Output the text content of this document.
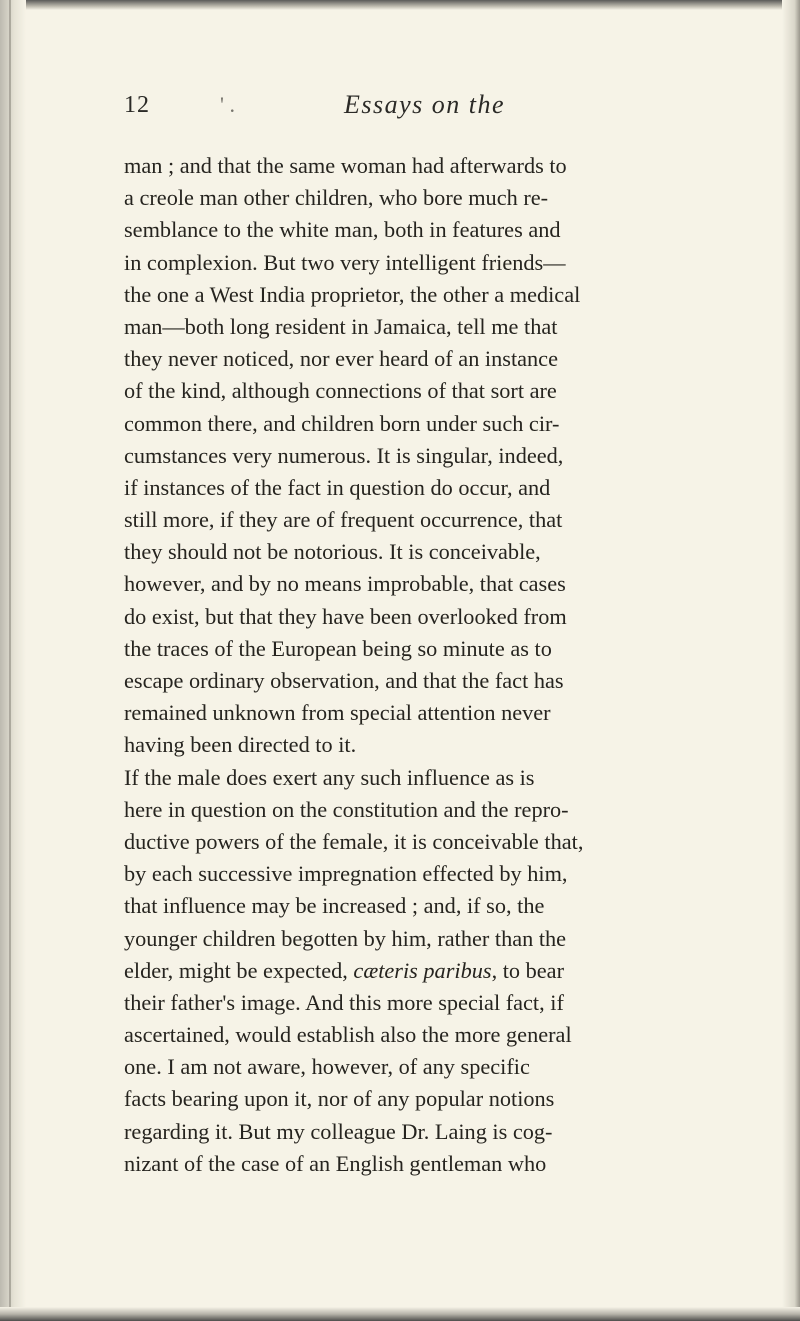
12	' .	Essays on the
man ; and that the same woman had afterwards to
a creole man other children, who bore much re-
semblance to the white man, both in features and
in complexion. But two very intelligent friends—
the one a West India proprietor, the other a medical
man—both long resident in Jamaica, tell me that
they never noticed, nor ever heard of an instance
of the kind, although connections of that sort are
common there, and children born under such cir-
cumstances very numerous. It is singular, indeed,
if instances of the fact in question do occur, and
still more, if they are of frequent occurrence, that
they should not be notorious. It is conceivable,
however, and by no means improbable, that cases
do exist, but that they have been overlooked from
the traces of the European being so minute as to
escape ordinary observation, and that the fact has
remained unknown from special attention never
having been directed to it.
If the male does exert any such influence as is
here in question on the constitution and the repro-
ductive powers of the female, it is conceivable that,
by each successive impregnation effected by him,
that influence may be increased ; and, if so, the
younger children begotten by him, rather than the
elder, might be expected, cæteris paribus, to bear
their father's image. And this more special fact, if
ascertained, would establish also the more general
one. I am not aware, however, of any specific
facts bearing upon it, nor of any popular notions
regarding it. But my colleague Dr. Laing is cog-
nizant of the case of an English gentleman who
